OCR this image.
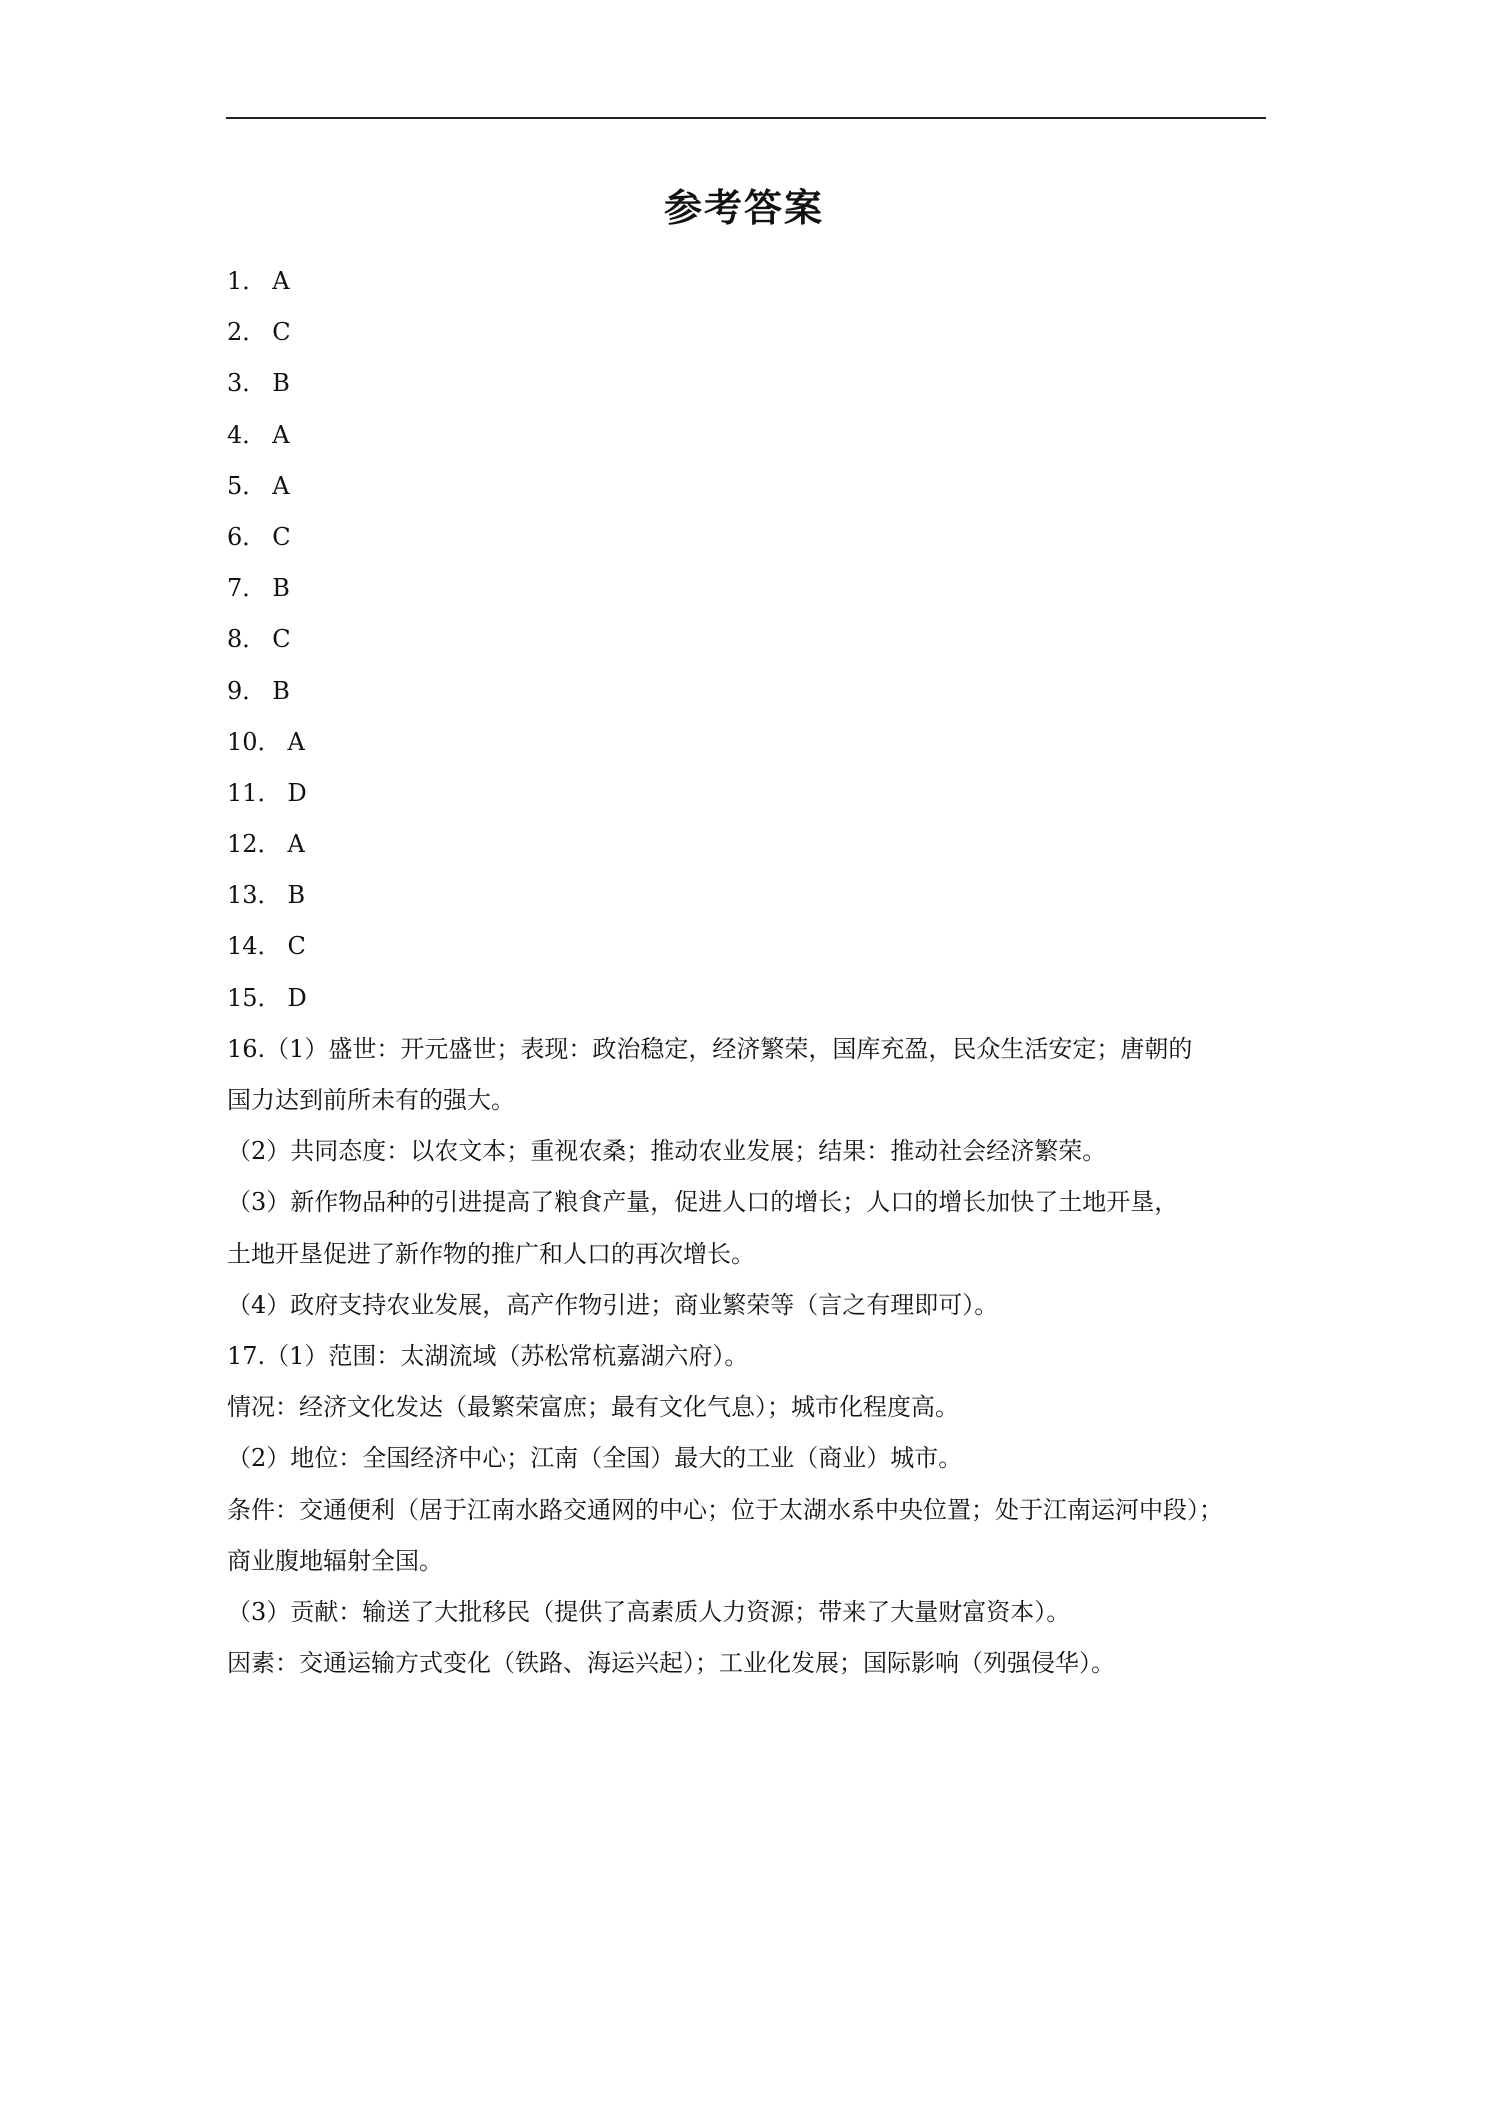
参考答案
1． A
2． C
3． B
4． A
5． A
6． C
7． B
8． C
9． B
10． A
11． D
12． A
13． B
14． C
15． D
16.（1）盛世：开元盛世；表现：政治稳定，经济繁荣，国库充盈，民众生活安定；唐朝的
国力达到前所未有的强大。
（2）共同态度：以农文本；重视农桑；推动农业发展；结果：推动社会经济繁荣。
（3）新作物品种的引进提高了粮食产量，促进人口的增长；人口的增长加快了土地开垦，
土地开垦促进了新作物的推广和人口的再次增长。
（4）政府支持农业发展，高产作物引进；商业繁荣等（言之有理即可）。
17.（1）范围：太湖流域（苏松常杭嘉湖六府）。
情况：经济文化发达（最繁荣富庶；最有文化气息）；城市化程度高。
（2）地位：全国经济中心；江南（全国）最大的工业（商业）城市。
条件：交通便利（居于江南水路交通网的中心；位于太湖水系中央位置；处于江南运河中段）；
商业腹地辐射全国。
（3）贡献：输送了大批移民（提供了高素质人力资源；带来了大量财富资本）。
因素：交通运输方式变化（铁路、海运兴起）；工业化发展；国际影响（列强侵华）。
